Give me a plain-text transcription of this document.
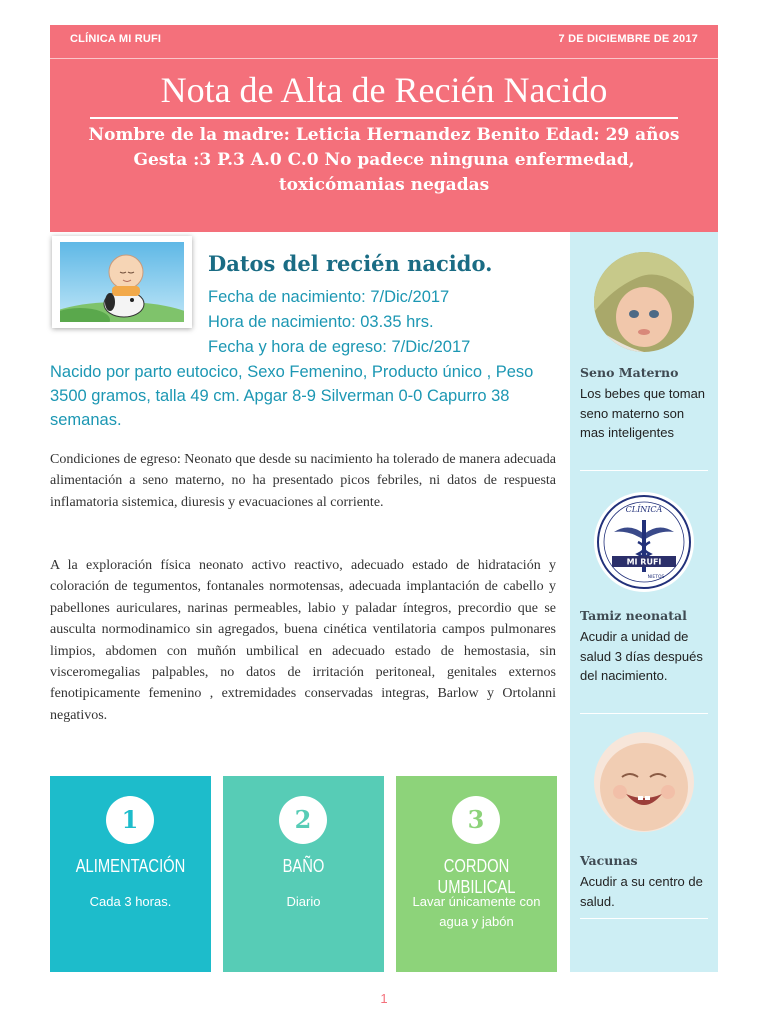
CLÍNICA MI RUFI	7 DE DICIEMBRE DE 2017
Nota de Alta de Recién Nacido
Nombre de la madre: Leticia Hernandez Benito Edad: 29 años Gesta :3 P.3 A.0 C.0 No padece ninguna enfermedad, toxicómanias negadas
Datos del recién nacido.
Fecha de nacimiento: 7/Dic/2017
Hora de nacimiento: 03.35 hrs.
Fecha y hora de egreso: 7/Dic/2017
Nacido por parto eutocico, Sexo Femenino, Producto único , Peso 3500 gramos, talla 49 cm. Apgar 8-9 Silverman 0-0 Capurro 38 semanas.
Condiciones de egreso: Neonato que desde su nacimiento ha tolerado de manera adecuada alimentación a seno materno, no ha presentado picos febriles, ni datos de respuesta inflamatoria sistemica, diuresis y evacuaciones al corriente.
A la exploración física neonato activo reactivo, adecuado estado de hidratación y coloración de tegumentos, fontanales normotensas, adecuada implantación de cabello y pabellones auriculares, narinas permeables, labio y paladar íntegros, precordio que se ausculta normodinamico sin agregados, buena cinética ventilatoria campos pulmonares limpios, abdomen con muñón umbilical en adecuado estado de hemostasia, sin visceromegalias palpables, no datos de irritación peritoneal, genitales externos fenotipicamente femenino , extremidades conservadas integras, Barlow y Ortolanni negativos.
1
ALIMENTACIÓN
Cada 3 horas.
2
BAÑO
Diario
3
CORDON UMBILICAL
Lavar únicamente con agua y jabón
Seno Materno
Los bebes que toman seno materno son mas inteligentes
CLÍNICA
MI RUFI
NIETOS
Tamiz neonatal
Acudir a unidad de salud 3 días después del nacimiento.
Vacunas
Acudir a su centro de salud.
1
